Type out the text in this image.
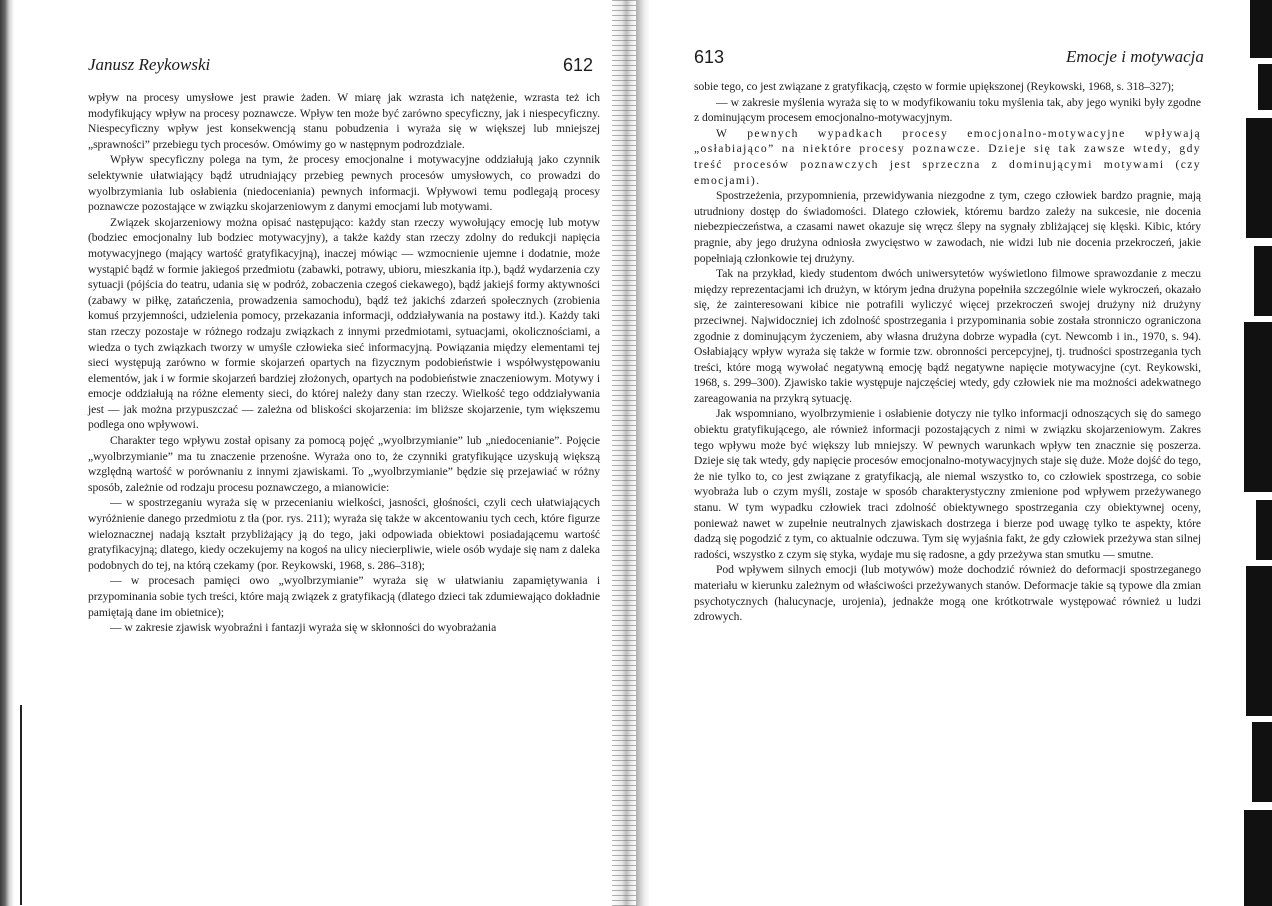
Janusz Reykowski	612

wpływ na procesy umysłowe jest prawie żaden. W miarę jak wzrasta ich natężenie, wzrasta też ich modyfikujący wpływ na procesy poznawcze. Wpływ ten może być zarówno specyficzny, jak i niespecyficzny. Niespecyficzny wpływ jest konsekwencją stanu pobudzenia i wyraża się w większej lub mniejszej „sprawności” przebiegu tych procesów. Omówimy go w następnym podrozdziale.

Wpływ specyficzny polega na tym, że procesy emocjonalne i motywacyjne oddziałują jako czynnik selektywnie ułatwiający bądź utrudniający przebieg pewnych procesów umysłowych, co prowadzi do wyolbrzymiania lub osłabienia (niedoceniania) pewnych informacji. Wpływowi temu podlegają procesy poznawcze pozostające w związku skojarzeniowym z danymi emocjami lub motywami.

Związek skojarzeniowy można opisać następująco: każdy stan rzeczy wywołujący emocję lub motyw (bodziec emocjonalny lub bodziec motywacyjny), a także każdy stan rzeczy zdolny do redukcji napięcia motywacyjnego (mający wartość gratyfikacyjną), inaczej mówiąc — wzmocnienie ujemne i dodatnie, może wystąpić bądź w formie jakiegoś przedmiotu (zabawki, potrawy, ubioru, mieszkania itp.), bądź wydarzenia czy sytuacji (pójścia do teatru, udania się w podróż, zobaczenia czegoś ciekawego), bądź jakiejś formy aktywności (zabawy w piłkę, zatańczenia, prowadzenia samochodu), bądź też jakichś zdarzeń społecznych (zrobienia komuś przyjemności, udzielenia pomocy, przekazania informacji, oddziaływania na postawy itd.). Każdy taki stan rzeczy pozostaje w różnego rodzaju związkach z innymi przedmiotami, sytuacjami, okolicznościami, a wiedza o tych związkach tworzy w umyśle człowieka sieć informacyjną. Powiązania między elementami tej sieci występują zarówno w formie skojarzeń opartych na fizycznym podobieństwie i współwystępowaniu elementów, jak i w formie skojarzeń bardziej złożonych, opartych na podobieństwie znaczeniowym. Motywy i emocje oddziałują na różne elementy sieci, do której należy dany stan rzeczy. Wielkość tego oddziaływania jest — jak można przypuszczać — zależna od bliskości skojarzenia: im bliższe skojarzenie, tym większemu podlega ono wpływowi.

Charakter tego wpływu został opisany za pomocą pojęć „wyolbrzymianie” lub „niedocenianie”. Pojęcie „wyolbrzymianie” ma tu znaczenie przenośne. Wyraża ono to, że czynniki gratyfikujące uzyskują większą względną wartość w porównaniu z innymi zjawiskami. To „wyolbrzymianie” będzie się przejawiać w różny sposób, zależnie od rodzaju procesu poznawczego, a mianowicie:

— w spostrzeganiu wyraża się w przecenianiu wielkości, jasności, głośności, czyli cech ułatwiających wyróżnienie danego przedmiotu z tła (por. rys. 211); wyraża się także w akcentowaniu tych cech, które figurze wieloznacznej nadają kształt przybliżający ją do tego, jaki odpowiada obiektowi posiadającemu wartość gratyfikacyjną; dlatego, kiedy oczekujemy na kogoś na ulicy niecierpliwie, wiele osób wydaje się nam z daleka podobnych do tej, na którą czekamy (por. Reykowski, 1968, s. 286–318);

— w procesach pamięci owo „wyolbrzymianie” wyraża się w ułatwianiu zapamiętywania i przypominania sobie tych treści, które mają związek z gratyfikacją (dlatego dzieci tak zdumiewająco dokładnie pamiętają dane im obietnice);

— w zakresie zjawisk wyobraźni i fantazji wyraża się w skłonności do wyobrażania

613	Emocje i motywacja

sobie tego, co jest związane z gratyfikacją, często w formie upiększonej (Reykowski, 1968, s. 318–327);

— w zakresie myślenia wyraża się to w modyfikowaniu toku myślenia tak, aby jego wyniki były zgodne z dominującym procesem emocjonalno-motywacyjnym.

W pewnych wypadkach procesy emocjonalno-motywacyjne wpływają „osłabiająco” na niektóre procesy poznawcze. Dzieje się tak zawsze wtedy, gdy treść procesów poznawczych jest sprzeczna z dominującymi motywami (czy emocjami).

Spostrzeżenia, przypomnienia, przewidywania niezgodne z tym, czego człowiek bardzo pragnie, mają utrudniony dostęp do świadomości. Dlatego człowiek, któremu bardzo zależy na sukcesie, nie docenia niebezpieczeństwa, a czasami nawet okazuje się wręcz ślepy na sygnały zbliżającej się klęski. Kibic, który pragnie, aby jego drużyna odniosła zwycięstwo w zawodach, nie widzi lub nie docenia przekroczeń, jakie popełniają członkowie tej drużyny.

Tak na przykład, kiedy studentom dwóch uniwersytetów wyświetlono filmowe sprawozdanie z meczu między reprezentacjami ich drużyn, w którym jedna drużyna popełniła szczególnie wiele wykroczeń, okazało się, że zainteresowani kibice nie potrafili wyliczyć więcej przekroczeń swojej drużyny niż drużyny przeciwnej. Najwidoczniej ich zdolność spostrzegania i przypominania sobie została stronniczo ograniczona zgodnie z dominującym życzeniem, aby własna drużyna dobrze wypadła (cyt. Newcomb i in., 1970, s. 94). Osłabiający wpływ wyraża się także w formie tzw. obronności percepcyjnej, tj. trudności spostrzegania tych treści, które mogą wywołać negatywną emocję bądź negatywne napięcie motywacyjne (cyt. Reykowski, 1968, s. 299–300). Zjawisko takie występuje najczęściej wtedy, gdy człowiek nie ma możności adekwatnego zareagowania na przykrą sytuację.

Jak wspomniano, wyolbrzymienie i osłabienie dotyczy nie tylko informacji odnoszących się do samego obiektu gratyfikującego, ale również informacji pozostających z nimi w związku skojarzeniowym. Zakres tego wpływu może być większy lub mniejszy. W pewnych warunkach wpływ ten znacznie się poszerza. Dzieje się tak wtedy, gdy napięcie procesów emocjonalno-motywacyjnych staje się duże. Może dojść do tego, że nie tylko to, co jest związane z gratyfikacją, ale niemal wszystko to, co człowiek spostrzega, co sobie wyobraża lub o czym myśli, zostaje w sposób charakterystyczny zmienione pod wpływem przeżywanego stanu. W tym wypadku człowiek traci zdolność obiektywnego spostrzegania czy obiektywnej oceny, ponieważ nawet w zupełnie neutralnych zjawiskach dostrzega i bierze pod uwagę tylko te aspekty, które dadzą się pogodzić z tym, co aktualnie odczuwa. Tym się wyjaśnia fakt, że gdy człowiek przeżywa stan silnej radości, wszystko z czym się styka, wydaje mu się radosne, a gdy przeżywa stan smutku — smutne.

Pod wpływem silnych emocji (lub motywów) może dochodzić również do deformacji spostrzeganego materiału w kierunku zależnym od właściwości przeżywanych stanów. Deformacje takie są typowe dla zmian psychotycznych (halucynacje, urojenia), jednakże mogą one krótkotrwale występować również u ludzi zdrowych.
